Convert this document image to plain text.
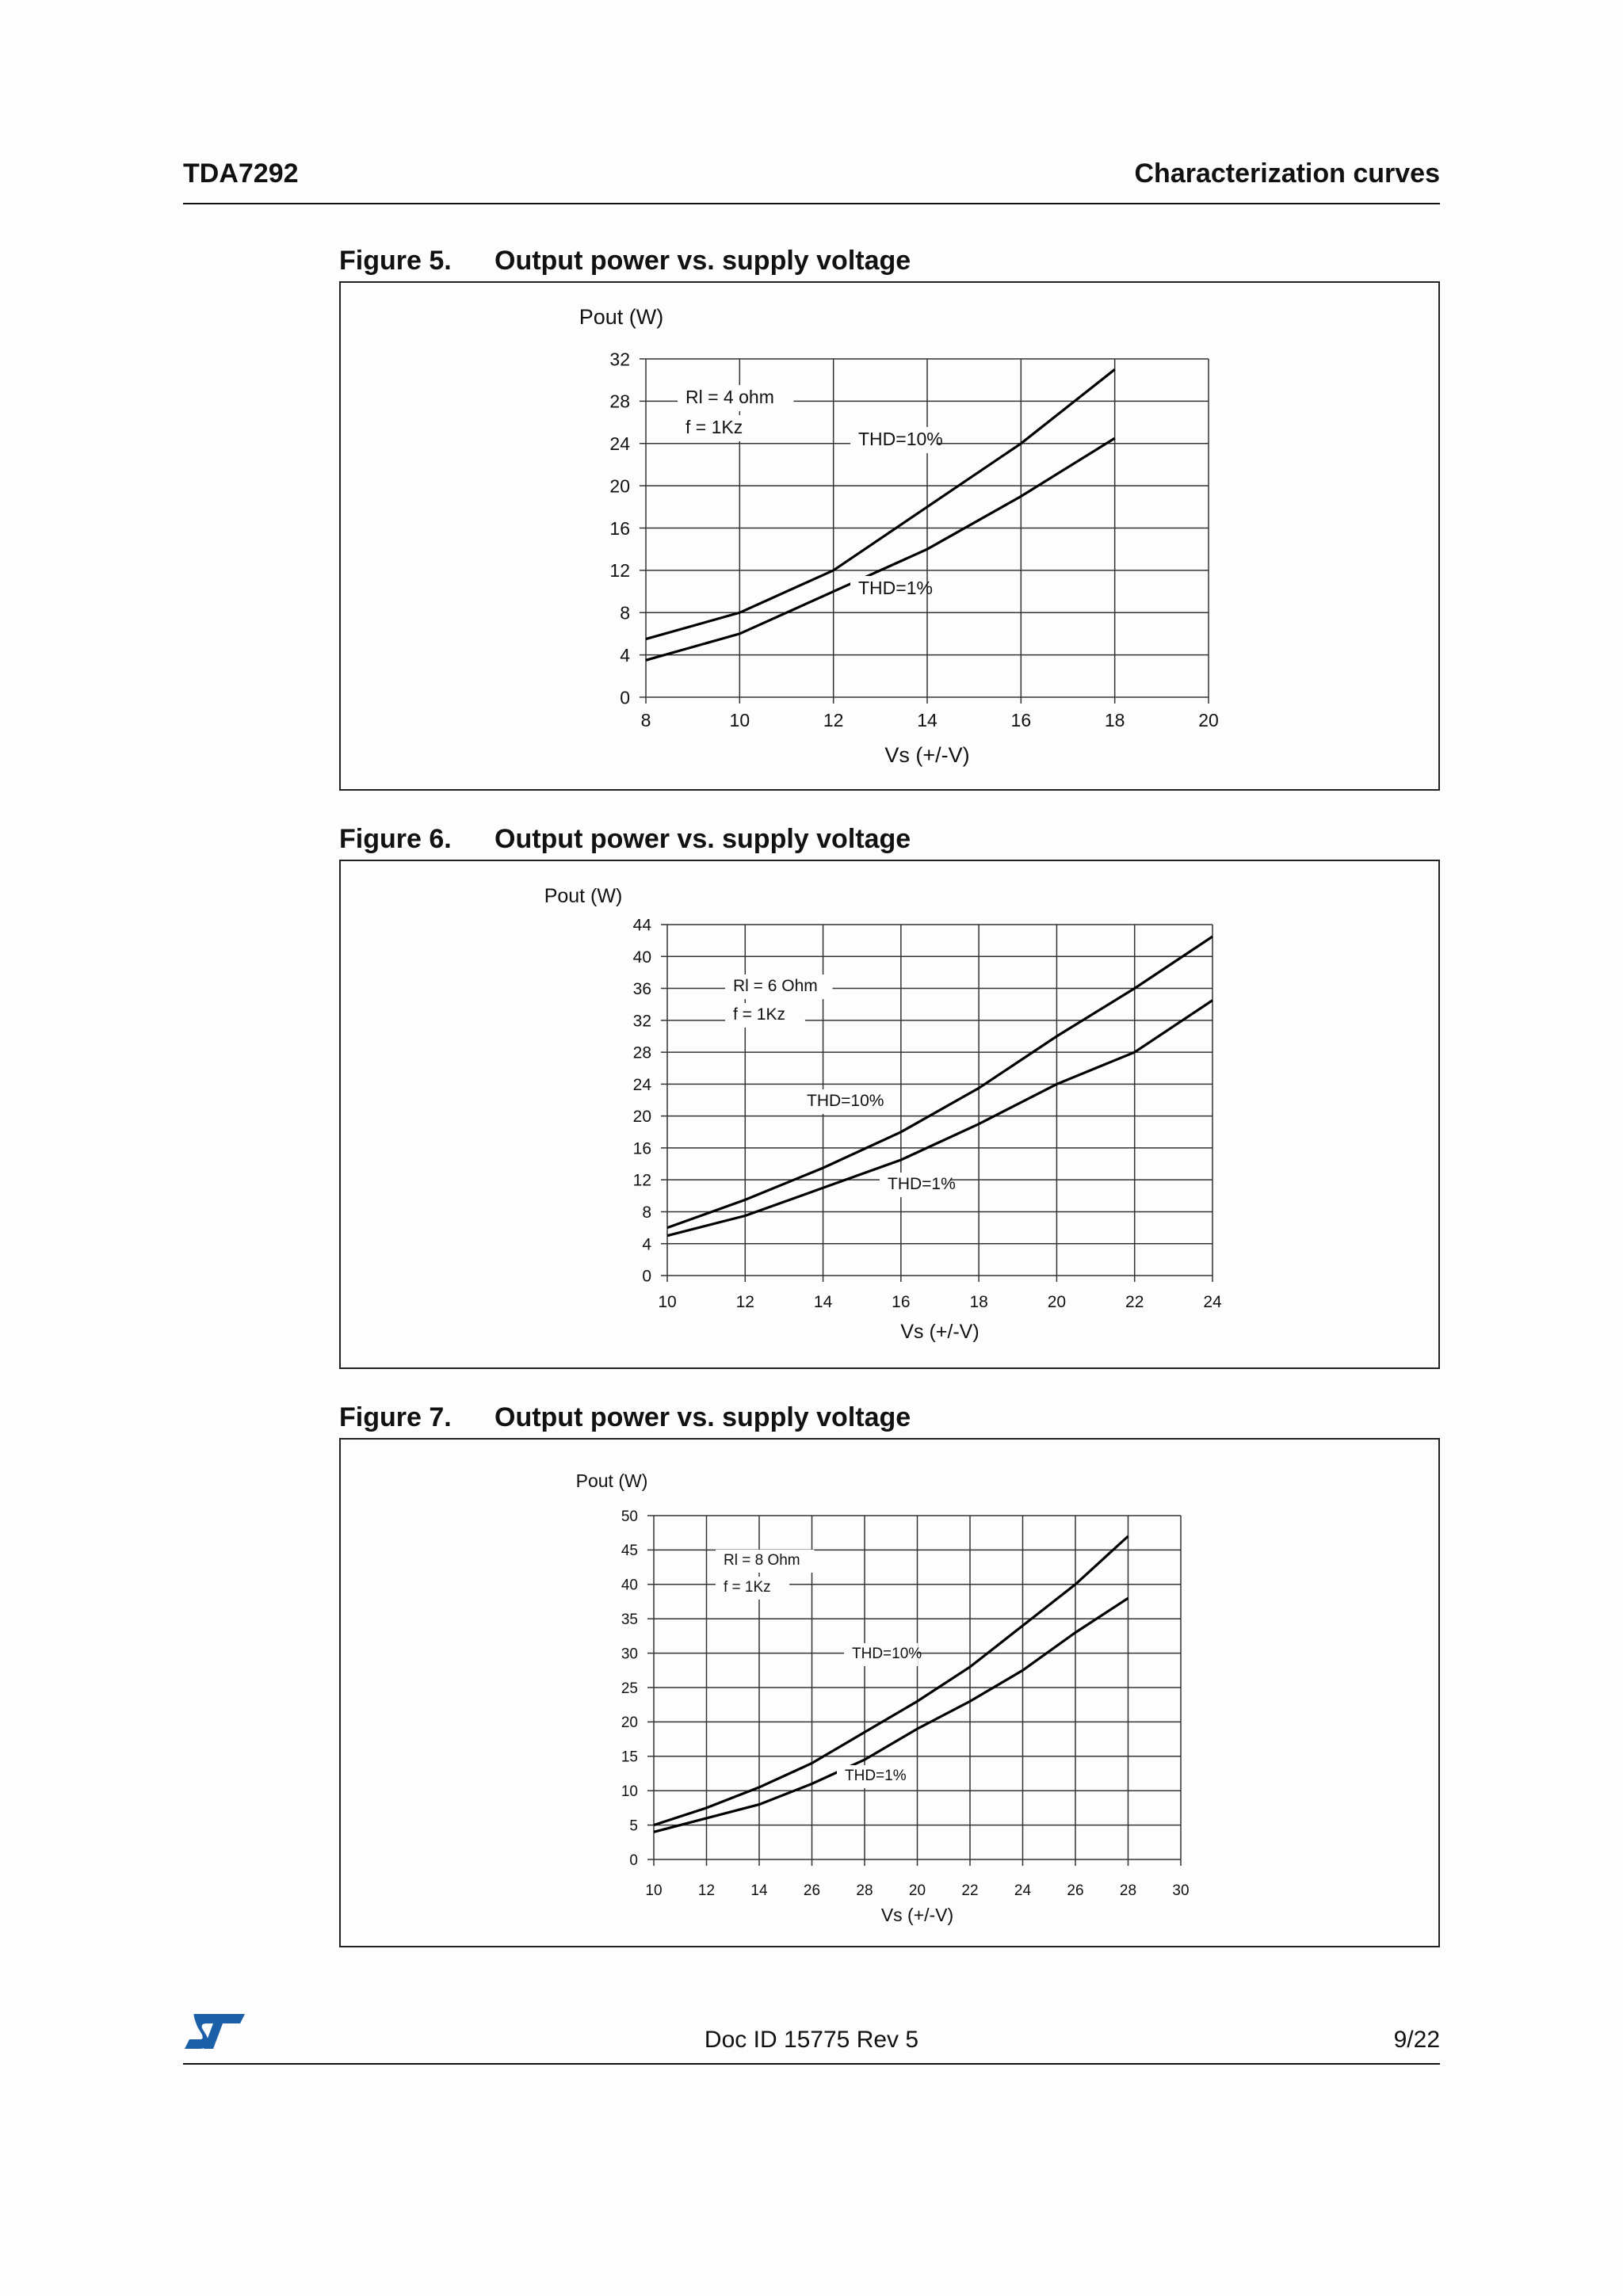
TDA7292	Characterization curves
Figure 5. Output power vs. supply voltage
8	10	12	14	16	18	20
0
4
8
12
16
20
24
28
32
Pout (W)
Vs (+/-V)
Rl = 4 ohm
f = 1Kz
THD=10%
THD=1%
Figure 6. Output power vs. supply voltage
10	12	14	16	18	20	22	24
0
4
8
12
16
20
24
28
32
36
40
44
Pout (W)
Vs (+/-V)
Rl = 6 Ohm
f = 1Kz
THD=10%
THD=1%
Figure 7. Output power vs. supply voltage
10 12 14 26 28 20 22 24 26 28 30
0
5
10
15
20
25
30
35
40
45
50
Pout (W)
Vs (+/-V)
Rl = 8 Ohm
f = 1Kz
THD=10%
THD=1%
Doc ID 15775 Rev 5	9/22
